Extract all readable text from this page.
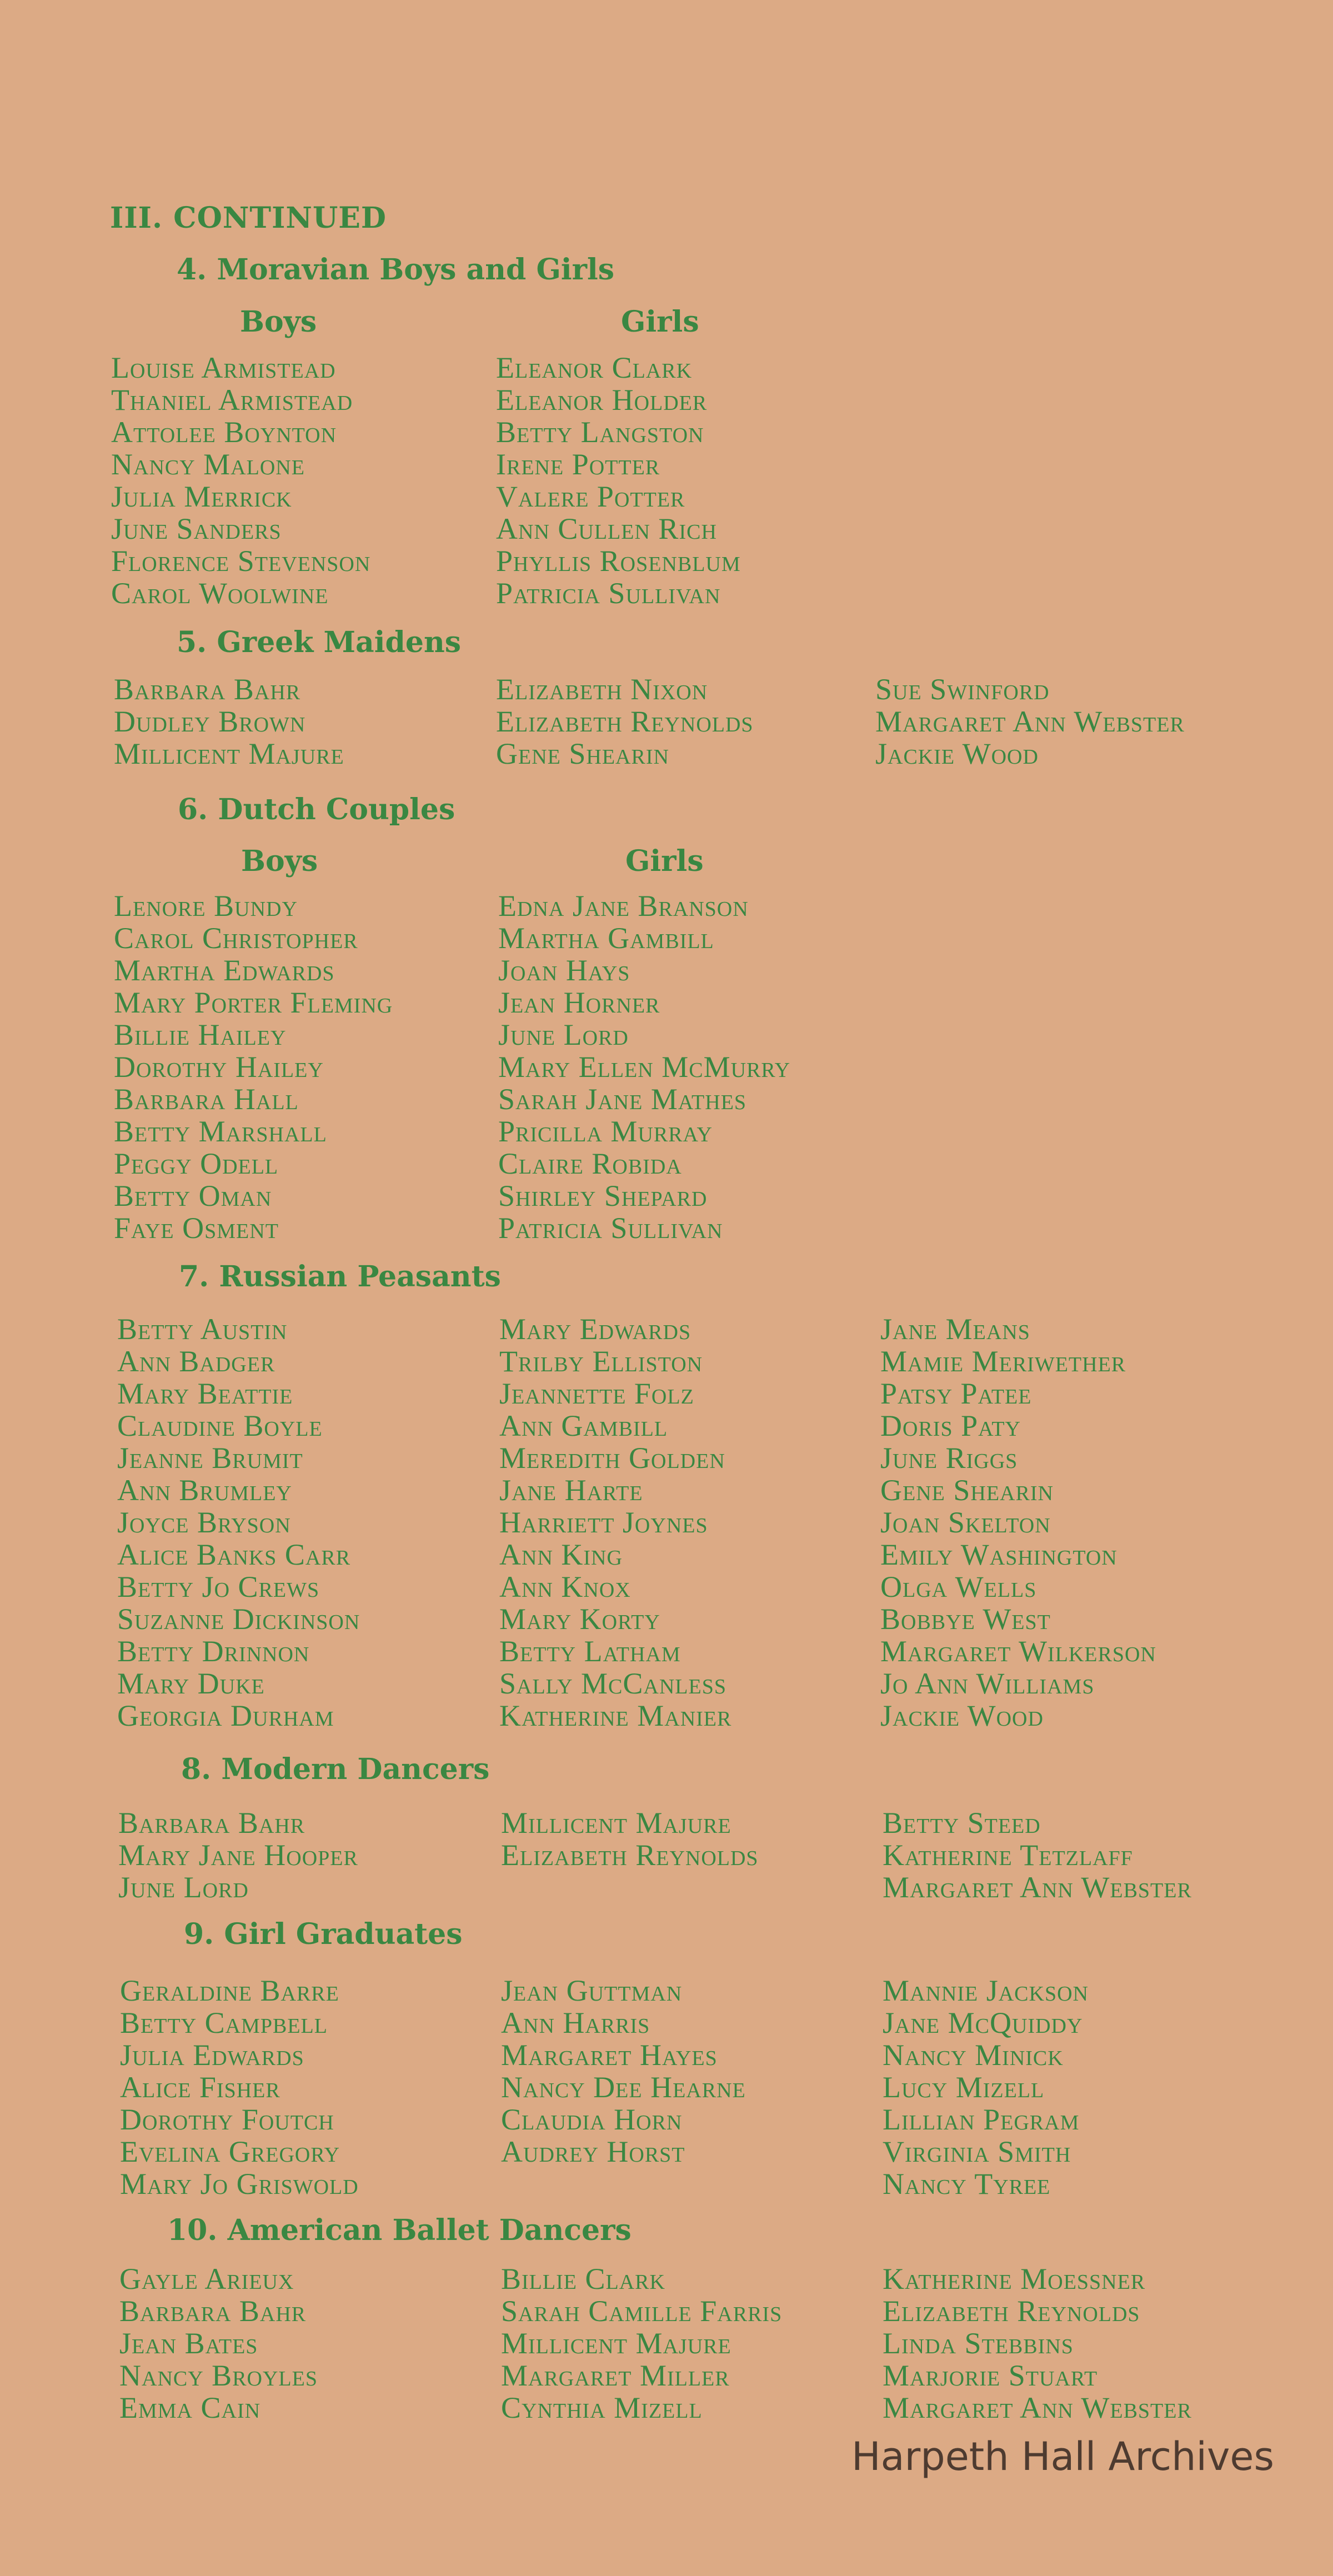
III. CONTINUED
4. Moravian Boys and Girls
Boys	Girls
Louise Armistead
Thaniel Armistead
Attolee Boynton
Nancy Malone
Julia Merrick
June Sanders
Florence Stevenson
Carol Woolwine
Eleanor Clark
Eleanor Holder
Betty Langston
Irene Potter
Valere Potter
Ann Cullen Rich
Phyllis Rosenblum
Patricia Sullivan
5. Greek Maidens
Barbara Bahr
Dudley Brown
Millicent Majure
Elizabeth Nixon
Elizabeth Reynolds
Gene Shearin
Sue Swinford
Margaret Ann Webster
Jackie Wood
6. Dutch Couples
Boys	Girls
Lenore Bundy
Carol Christopher
Martha Edwards
Mary Porter Fleming
Billie Hailey
Dorothy Hailey
Barbara Hall
Betty Marshall
Peggy Odell
Betty Oman
Faye Osment
Edna Jane Branson
Martha Gambill
Joan Hays
Jean Horner
June Lord
Mary Ellen McMurry
Sarah Jane Mathes
Pricilla Murray
Claire Robida
Shirley Shepard
Patricia Sullivan
7. Russian Peasants
Betty Austin
Ann Badger
Mary Beattie
Claudine Boyle
Jeanne Brumit
Ann Brumley
Joyce Bryson
Alice Banks Carr
Betty Jo Crews
Suzanne Dickinson
Betty Drinnon
Mary Duke
Georgia Durham
Mary Edwards
Trilby Elliston
Jeannette Folz
Ann Gambill
Meredith Golden
Jane Harte
Harriett Joynes
Ann King
Ann Knox
Mary Korty
Betty Latham
Sally McCanless
Katherine Manier
Jane Means
Mamie Meriwether
Patsy Patee
Doris Paty
June Riggs
Gene Shearin
Joan Skelton
Emily Washington
Olga Wells
Bobbye West
Margaret Wilkerson
Jo Ann Williams
Jackie Wood
8. Modern Dancers
Barbara Bahr
Mary Jane Hooper
June Lord
Millicent Majure
Elizabeth Reynolds
Betty Steed
Katherine Tetzlaff
Margaret Ann Webster
9. Girl Graduates
Geraldine Barre
Betty Campbell
Julia Edwards
Alice Fisher
Dorothy Foutch
Evelina Gregory
Mary Jo Griswold
Jean Guttman
Ann Harris
Margaret Hayes
Nancy Dee Hearne
Claudia Horn
Audrey Horst
Mannie Jackson
Jane McQuiddy
Nancy Minick
Lucy Mizell
Lillian Pegram
Virginia Smith
Nancy Tyree
10. American Ballet Dancers
Gayle Arieux
Barbara Bahr
Jean Bates
Nancy Broyles
Emma Cain
Billie Clark
Sarah Camille Farris
Millicent Majure
Margaret Miller
Cynthia Mizell
Katherine Moessner
Elizabeth Reynolds
Linda Stebbins
Marjorie Stuart
Margaret Ann Webster

Harpeth Hall Archives
